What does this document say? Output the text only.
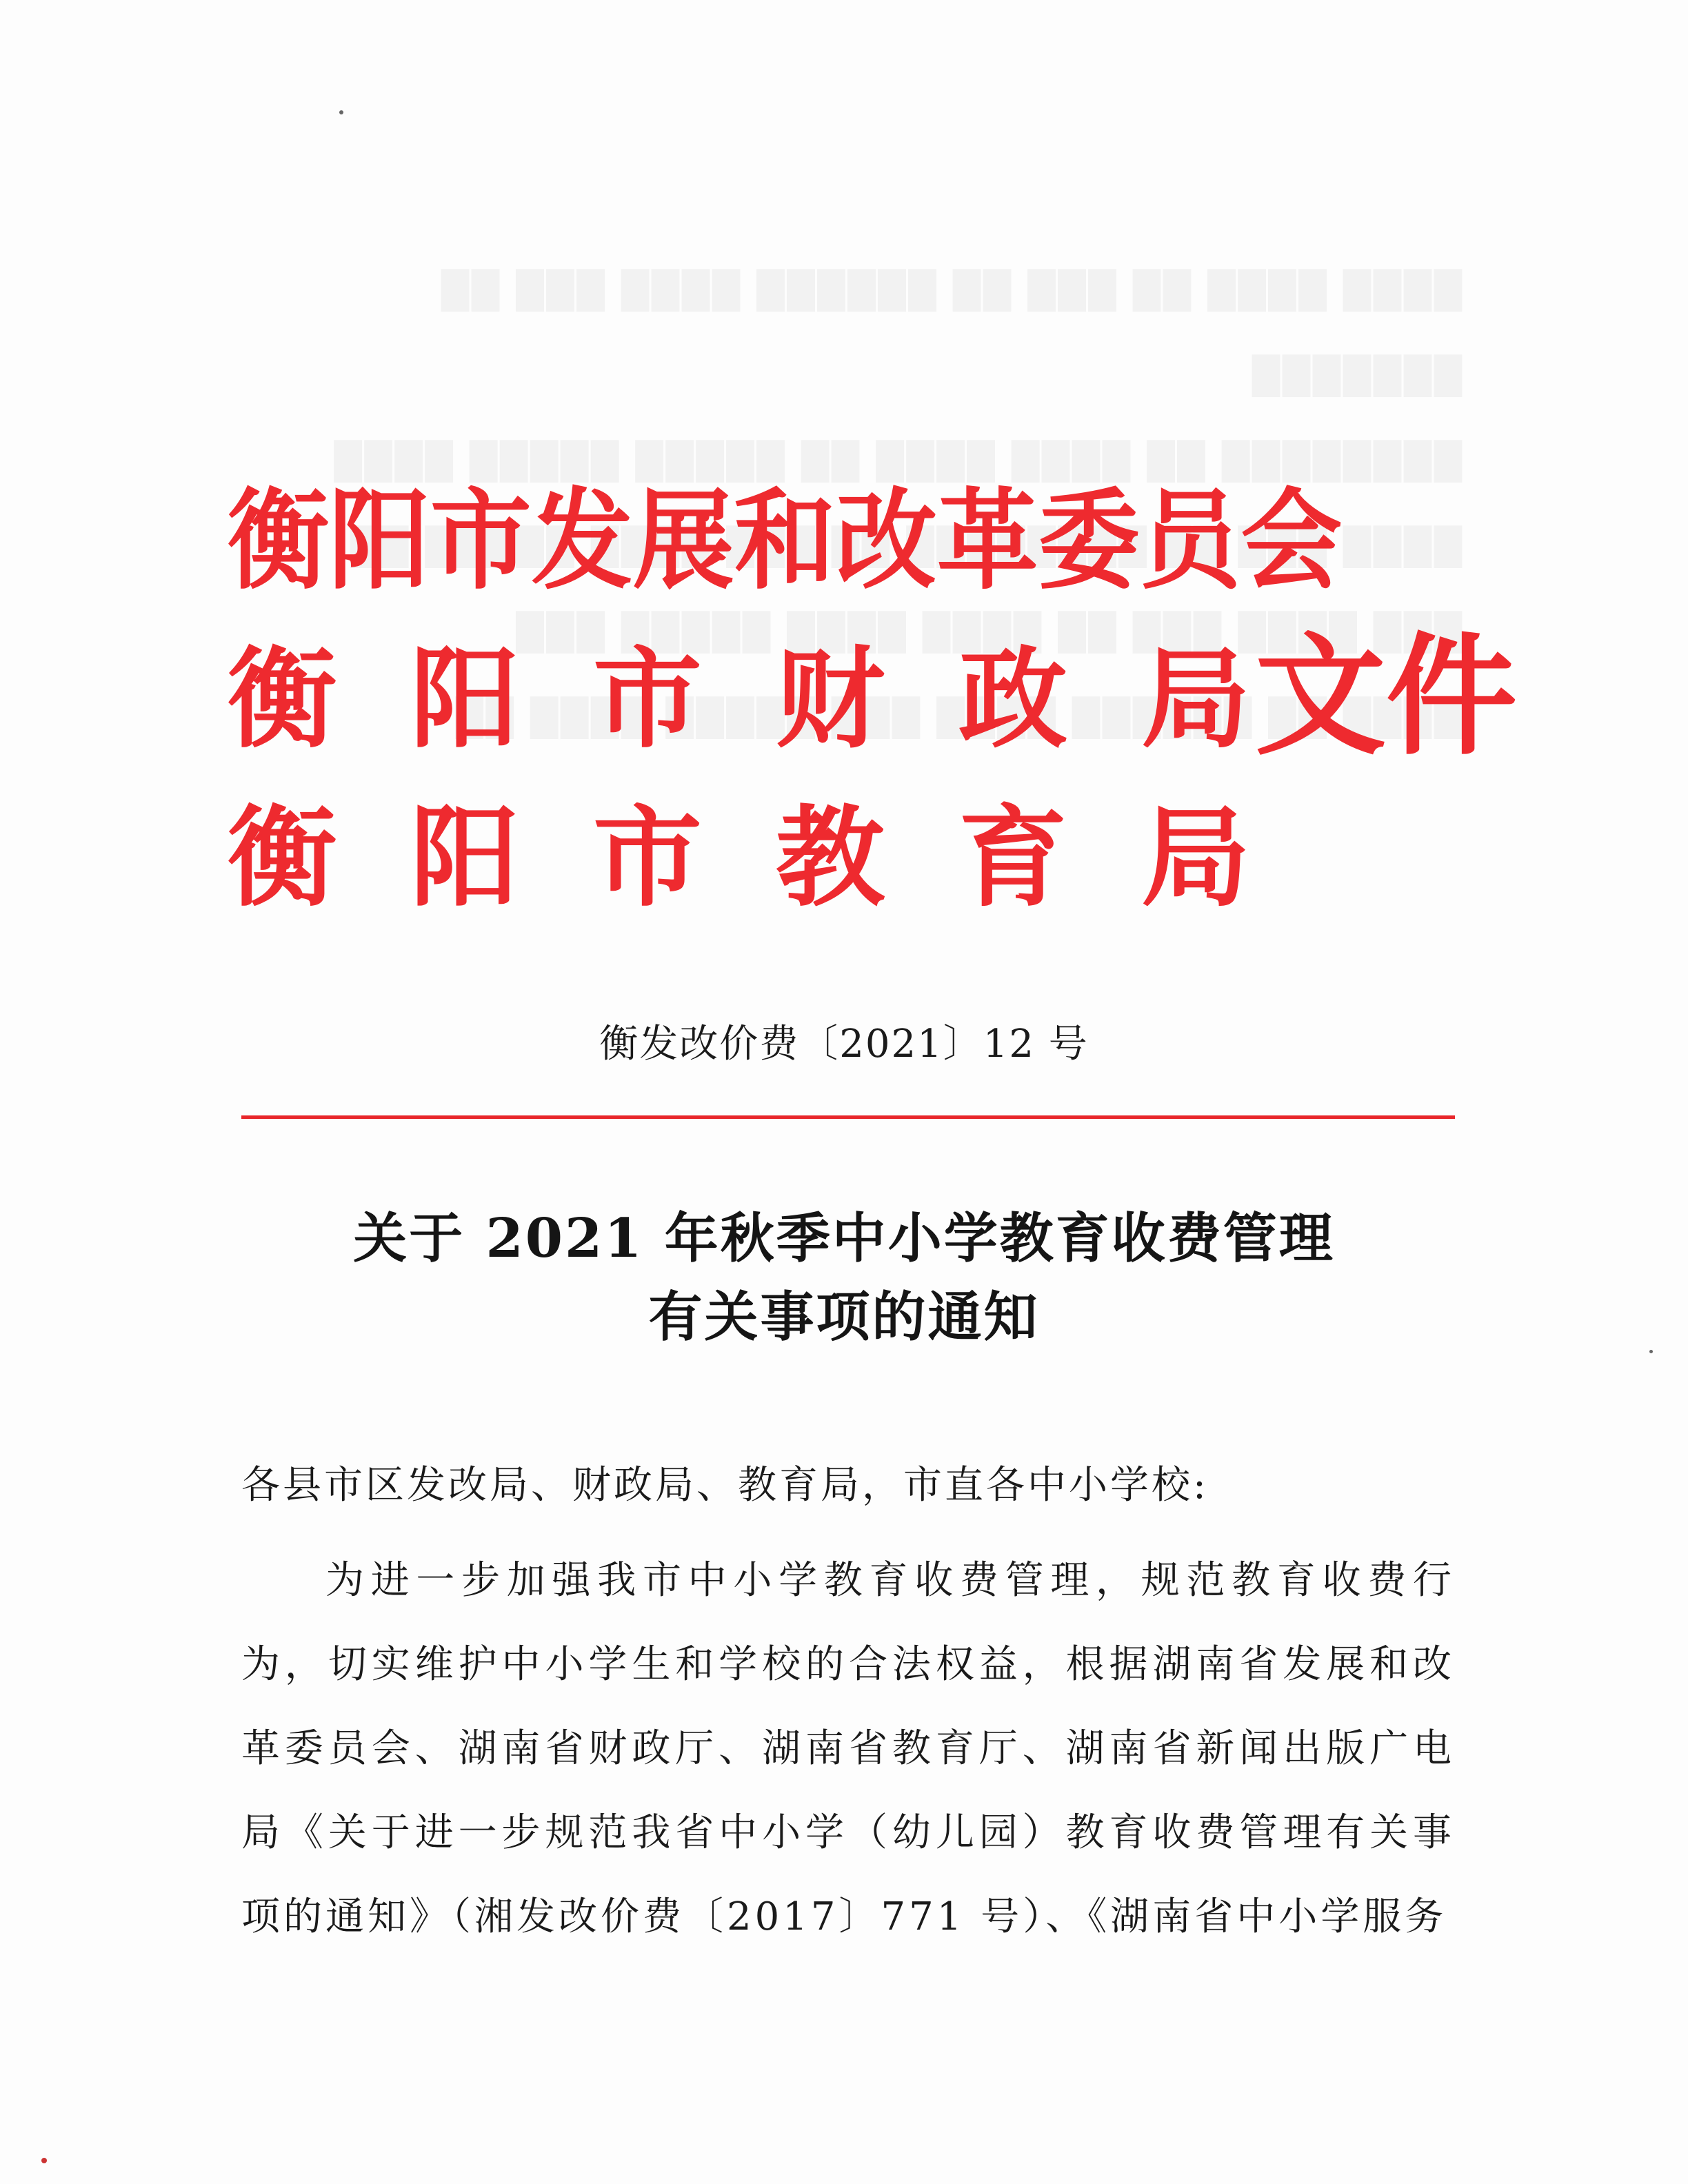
衡阳市发展和改革委员会
衡 阳 市 财 政 局
衡 阳 市 教 育 局
文件
衡发改价费〔2021〕12 号
关于 2021 年秋季中小学教育收费管理
有关事项的通知
各县市区发改局、财政局、教育局，市直各中小学校:
为进一步加强我市中小学教育收费管理，规范教育收费行为，切实维护中小学生和学校的合法权益，根据湖南省发展和改革委员会、湖南省财政厅、湖南省教育厅、湖南省新闻出版广电局《关于进一步规范我省中小学（幼儿园）教育收费管理有关事项的通知》（湘发改价费〔2017〕771 号）、《湖南省中小学服务
